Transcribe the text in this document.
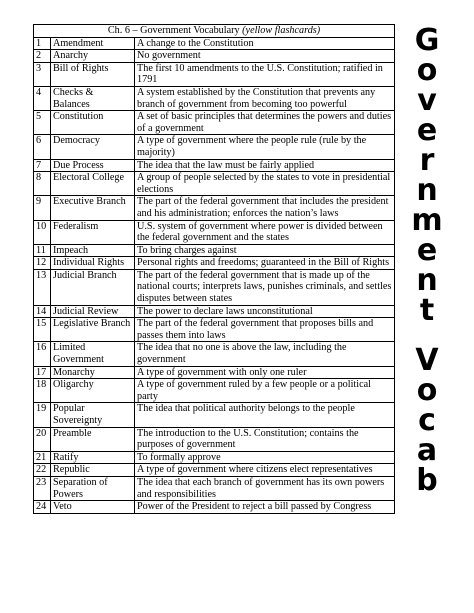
Ch. 6 – Government Vocabulary (yellow flashcards)		
1	Amendment	A change to the Constitution
2	Anarchy	No government
3	Bill of Rights	The first 10 amendments to the U.S. Constitution; ratified in 1791
4	Checks & Balances	A system established by the Constitution that prevents any branch of government from becoming too powerful
5	Constitution	A set of basic principles that determines the powers and duties of a government
6	Democracy	A type of government where the people rule (rule by the majority)
7	Due Process	The idea that the law must be fairly applied
8	Electoral College	A group of people selected by the states to vote in presidential elections
9	Executive Branch	The part of the federal government that includes the president and his administration; enforces the nation’s laws
10	Federalism	U.S. system of government where power is divided between the federal government and the states
11	Impeach	To bring charges against
12	Individual Rights	Personal rights and freedoms; guaranteed in the Bill of Rights
13	Judicial Branch	The part of the federal government that is made up of the national courts; interprets laws, punishes criminals, and settles disputes between states
14	Judicial Review	The power to declare laws unconstitutional
15	Legislative Branch	The part of the federal government that proposes bills and passes them into laws
16	Limited Government	The idea that no one is above the law, including the government
17	Monarchy	A type of government with only one ruler
18	Oligarchy	A type of government ruled by a few people or a political party
19	Popular Sovereignty	The idea that political authority belongs to the people
20	Preamble	The introduction to the U.S. Constitution; contains the purposes of government
21	Ratify	To formally approve
22	Republic	A type of government where citizens elect representatives
23	Separation of Powers	The idea that each branch of government has its own powers and responsibilities
24	Veto	Power of the President to reject a bill passed by Congress
G
o
v
e
r
n
m
e
n
t
V
o
c
a
b
